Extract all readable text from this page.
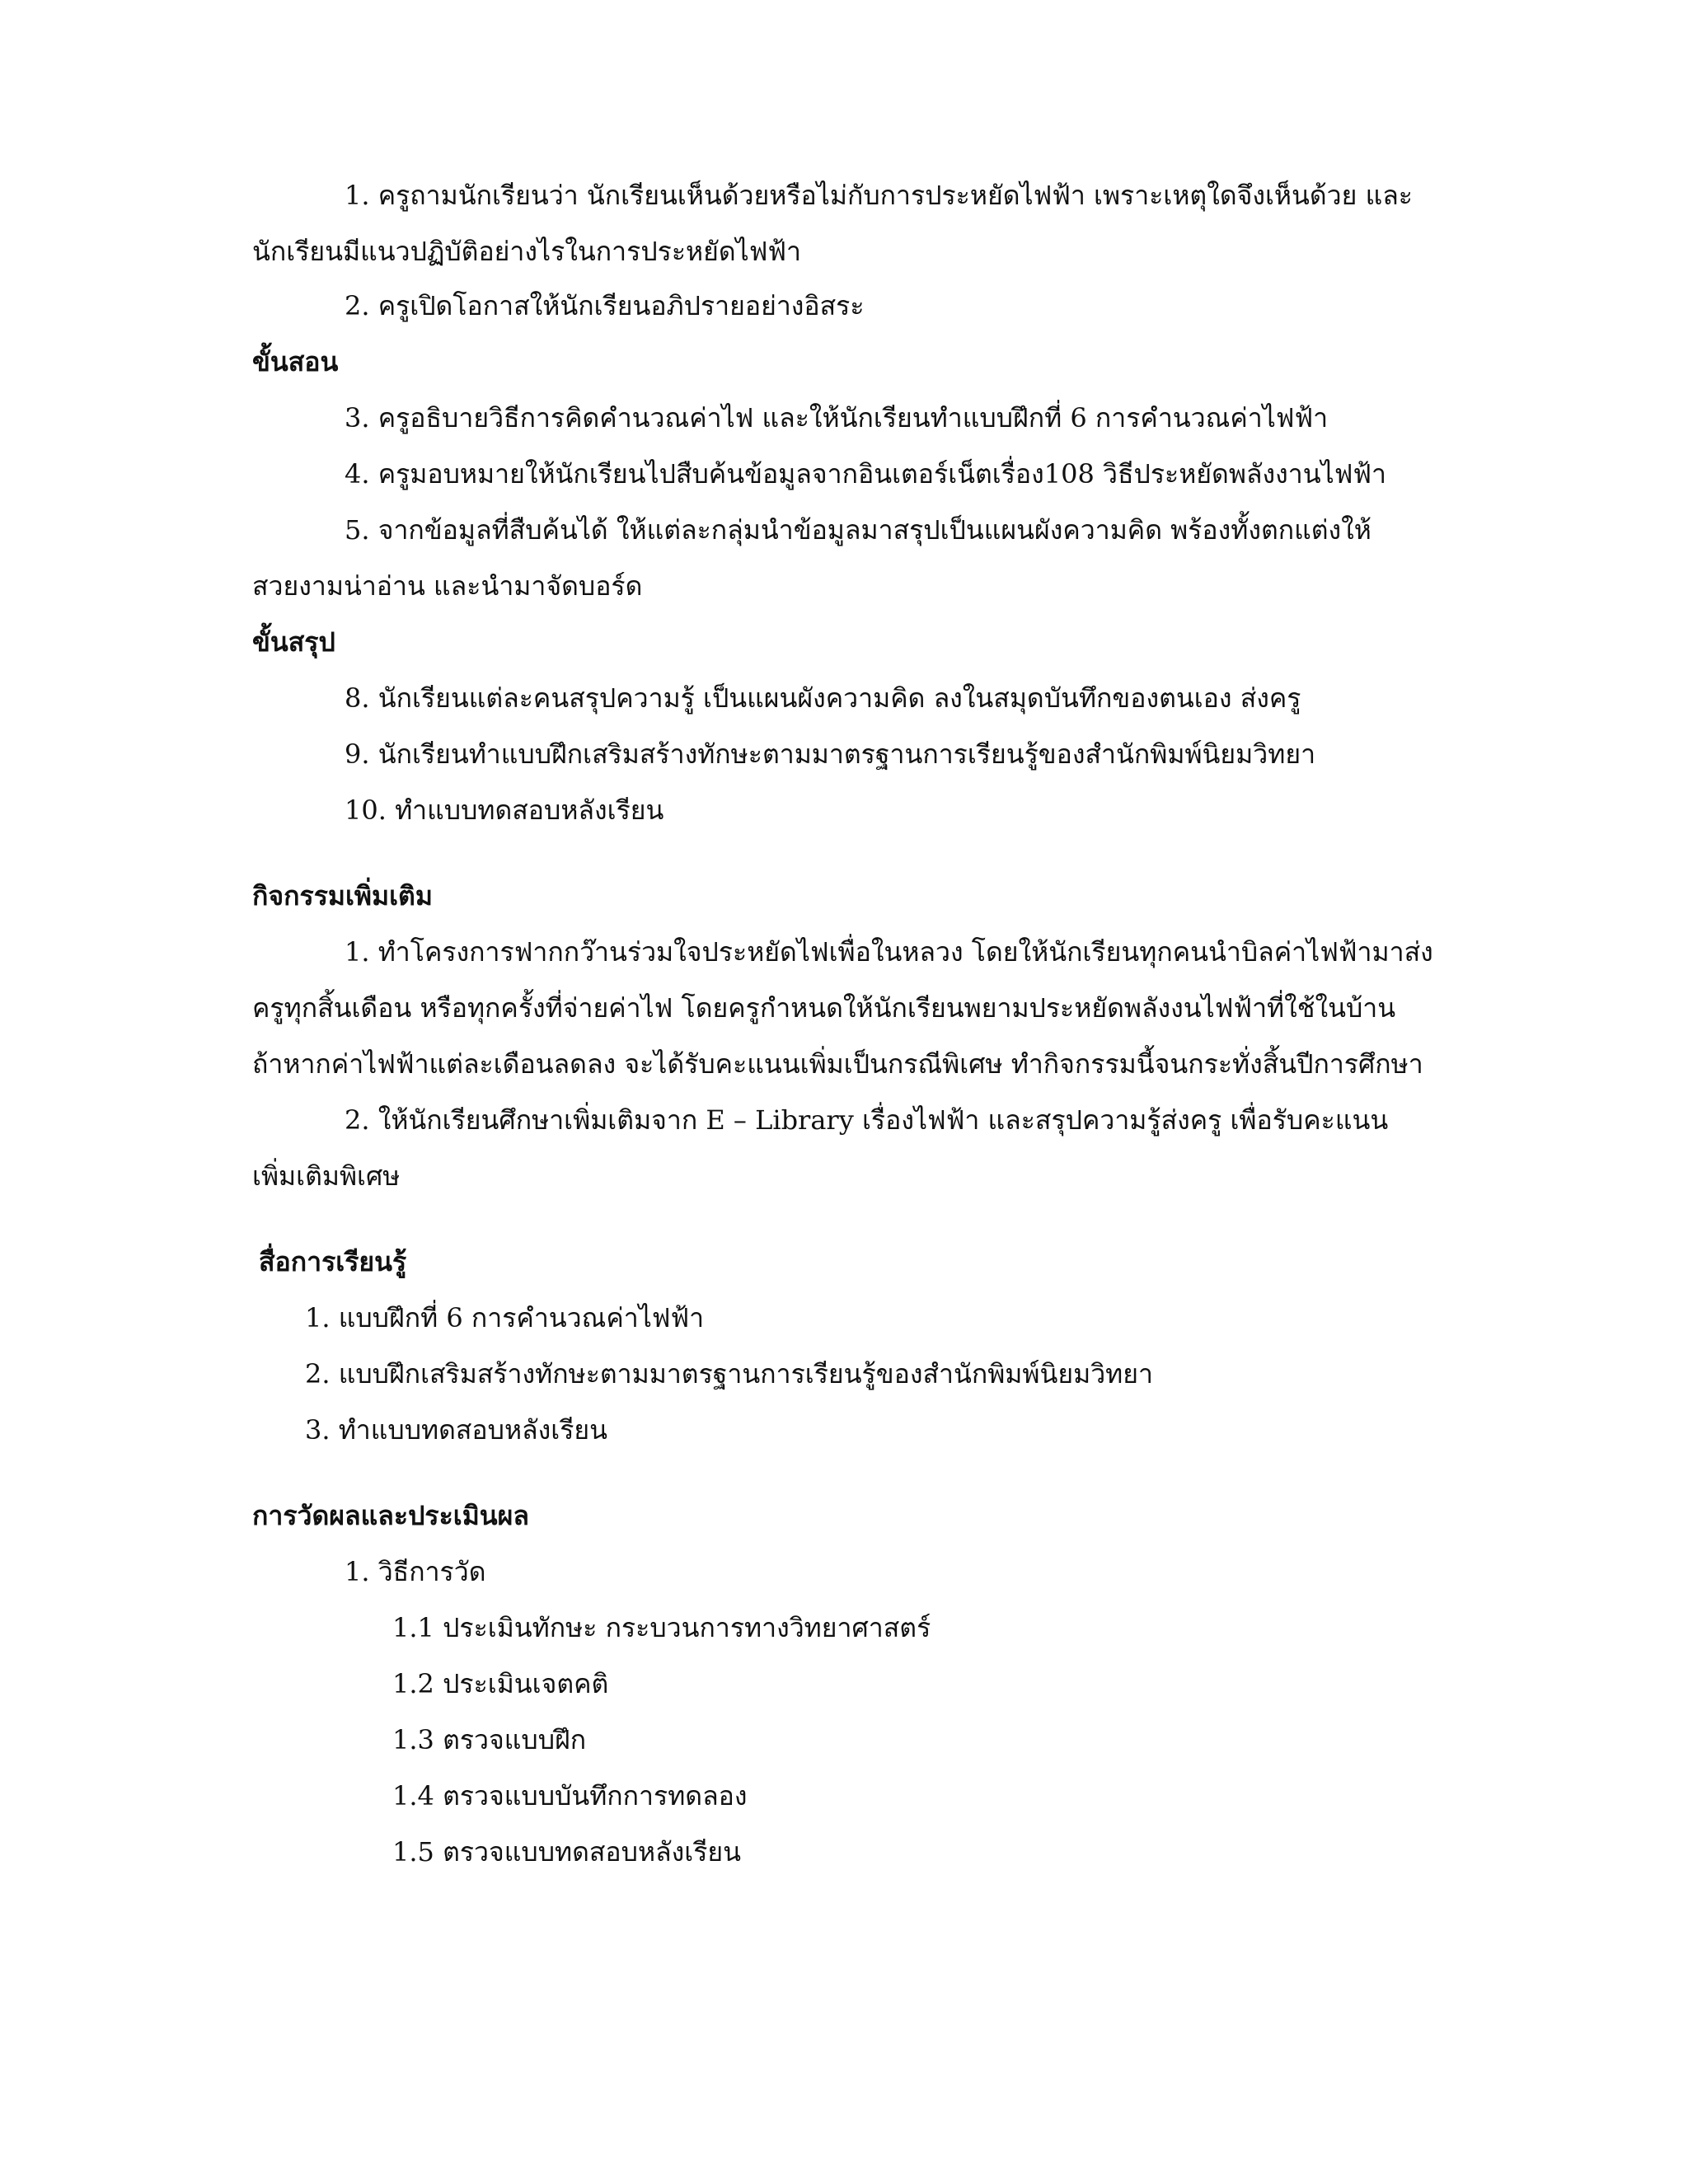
1. ครูถามนักเรียนว่า นักเรียนเห็นด้วยหรือไม่กับการประหยัดไฟฟ้า เพราะเหตุใดจึงเห็นด้วย และ

นักเรียนมีแนวปฏิบัติอย่างไรในการประหยัดไฟฟ้า

2. ครูเปิดโอกาสให้นักเรียนอภิปรายอย่างอิสระ

ขั้นสอน

3. ครูอธิบายวิธีการคิดคำนวณค่าไฟ และให้นักเรียนทำแบบฝึกที่ 6 การคำนวณค่าไฟฟ้า

4. ครูมอบหมายให้นักเรียนไปสืบค้นข้อมูลจากอินเตอร์เน็ตเรื่อง108 วิธีประหยัดพลังงานไฟฟ้า

5. จากข้อมูลที่สืบค้นได้ ให้แต่ละกลุ่มนำข้อมูลมาสรุปเป็นแผนผังความคิด พร้องทั้งตกแต่งให้

สวยงามน่าอ่าน และนำมาจัดบอร์ด

ขั้นสรุป

8. นักเรียนแต่ละคนสรุปความรู้ เป็นแผนผังความคิด ลงในสมุดบันทึกของตนเอง ส่งครู

9. นักเรียนทำแบบฝึกเสริมสร้างทักษะตามมาตรฐานการเรียนรู้ของสำนักพิมพ์นิยมวิทยา

10. ทำแบบทดสอบหลังเรียน

กิจกรรมเพิ่มเติม

1. ทำโครงการฟากกว๊านร่วมใจประหยัดไฟเพื่อในหลวง โดยให้นักเรียนทุกคนนำบิลค่าไฟฟ้ามาส่ง

ครูทุกสิ้นเดือน หรือทุกครั้งที่จ่ายค่าไฟ โดยครูกำหนดให้นักเรียนพยามประหยัดพลังงนไฟฟ้าที่ใช้ในบ้าน

ถ้าหากค่าไฟฟ้าแต่ละเดือนลดลง จะได้รับคะแนนเพิ่มเป็นกรณีพิเศษ ทำกิจกรรมนี้จนกระทั่งสิ้นปีการศึกษา

2. ให้นักเรียนศึกษาเพิ่มเติมจาก E – Library เรื่องไฟฟ้า และสรุปความรู้ส่งครู เพื่อรับคะแนน

เพิ่มเติมพิเศษ

สื่อการเรียนรู้

1. แบบฝึกที่ 6 การคำนวณค่าไฟฟ้า

2. แบบฝึกเสริมสร้างทักษะตามมาตรฐานการเรียนรู้ของสำนักพิมพ์นิยมวิทยา

3. ทำแบบทดสอบหลังเรียน

การวัดผลและประเมินผล

1. วิธีการวัด

1.1 ประเมินทักษะ กระบวนการทางวิทยาศาสตร์

1.2 ประเมินเจตคติ

1.3 ตรวจแบบฝึก

1.4 ตรวจแบบบันทึกการทดลอง

1.5 ตรวจแบบทดสอบหลังเรียน
